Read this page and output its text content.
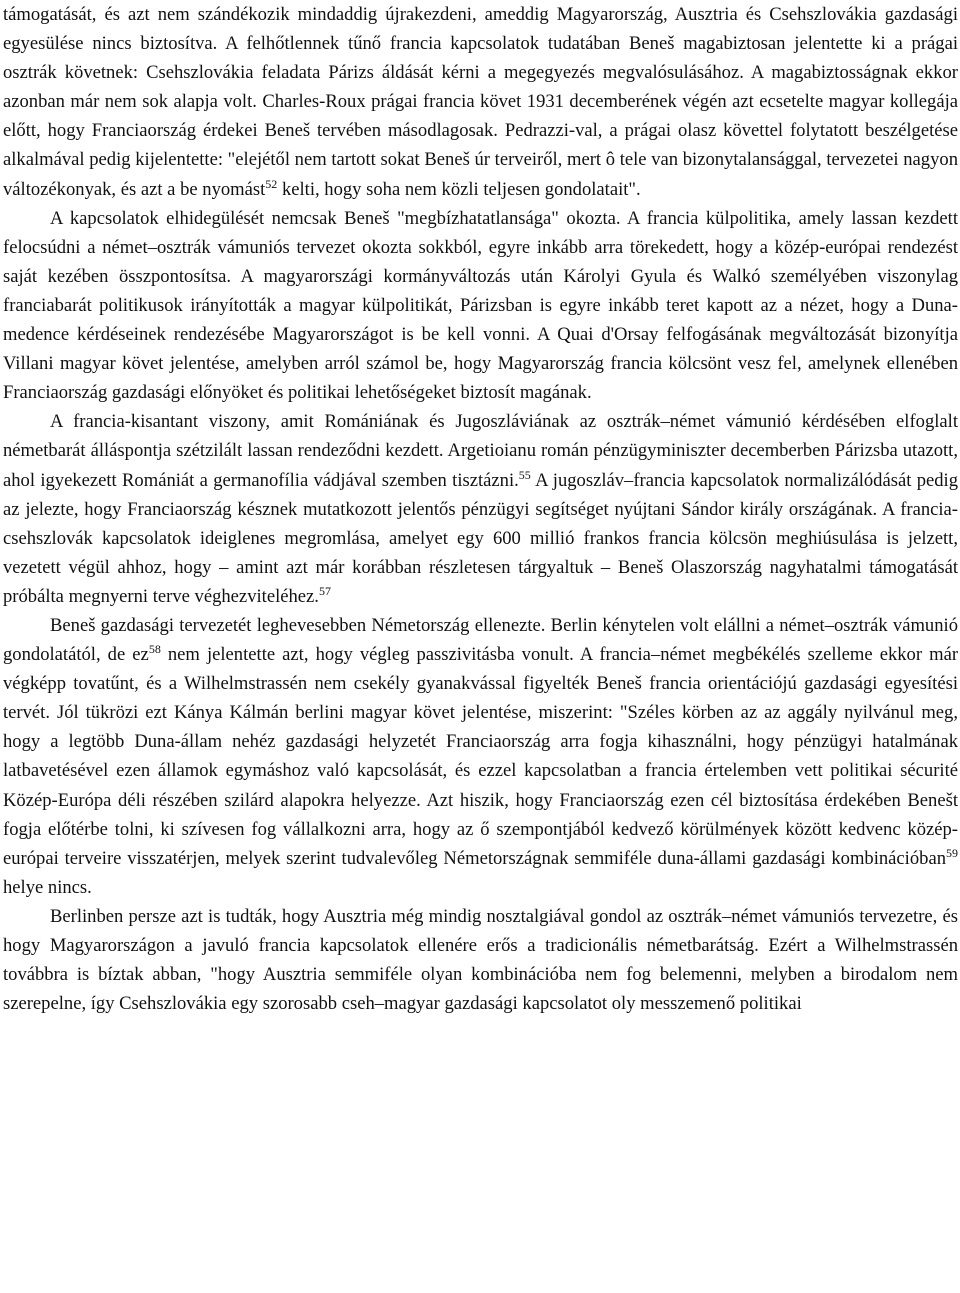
támogatását, és azt nem szándékozik mindaddig újrakezdeni, ameddig Magyarország, Ausztria és Csehszlovákia gazdasági egyesülése nincs biztosítva. A felhőtlennek tűnő francia kapcsolatok tudatában Beneš magabiztosan jelentette ki a prágai osztrák követnek: Csehszlovákia feladata Párizs áldását kérni a megegyezés megvalósulásához. A magabiztosságnak ekkor azonban már nem sok alapja volt. Charles-Roux prágai francia követ 1931 decemberének végén azt ecsetelte magyar kollegája előtt, hogy Franciaország érdekei Beneš tervében másodlagosak. Pedrazzi-val, a prágai olasz követtel folytatott beszélgetése alkalmával pedig kijelentette: "elejétől nem tartott sokat Beneš úr terveiről, mert ô tele van bizonytalansággal, tervezetei nagyon változékonyak, és azt a be nyomást$^{52}$ kelti, hogy soha nem közli teljesen gondolatait".

A kapcsolatok elhidegülését nemcsak Beneš "megbízhatatlansága" okozta. A francia külpolitika, amely lassan kezdett felocsúdni a német–osztrák vámuniós tervezet okozta sokkból, egyre inkább arra törekedett, hogy a közép-európai rendezést saját kezében összpontosítsa. A magyarországi kormányváltozás után Károlyi Gyula és Walkó személyében viszonylag franciabarát politikusok irányították a magyar külpolitikát, Párizsban is egyre inkább teret kapott az a nézet, hogy a Duna-medence kérdéseinek rendezésébe Magyarországot is be kell vonni. A Quai d'Orsay felfogásának megváltozását bizonyítja Villani magyar követ jelentése, amelyben arról számol be, hogy Magyarország francia kölcsönt vesz fel, amelynek ellenében Franciaország gazdasági előnyöket és politikai lehetőségeket biztosít magának.

A francia-kisantant viszony, amit Romániának és Jugoszláviának az osztrák–német vámunió kérdésében elfoglalt németbarát álláspontja szétzilált lassan rendeződni kezdett. Argetioianu román pénzügyminiszter decemberben Párizsba utazott, ahol igyekezett Romániát a germanofília vádjával szemben tisztázni.$^{55}$ A jugoszláv–francia kapcsolatok normalizálódását pedig az jelezte, hogy Franciaország késznek mutatkozott jelentős pénzügyi segítséget nyújtani Sándor király országának. A francia-csehszlovák kapcsolatok ideiglenes megromlása, amelyet egy 600 millió frankos francia kölcsön meghiúsulása is jelzett, vezetett végül ahhoz, hogy – amint azt már korábban részletesen tárgyaltuk – Beneš Olaszország nagyhatalmi támogatását próbálta megnyerni terve véghezviteléhez.$^{57}$

Beneš gazdasági tervezetét leghevesebben Németország ellenezte. Berlin kénytelen volt elállni a német–osztrák vámunió gondolatától, de ez$^{58}$ nem jelentette azt, hogy végleg passzivitásba vonult. A francia–német megbékélés szelleme ekkor már végképp tovatűnt, és a Wilhelmstrassén nem csekély gyanakvással figyelték Beneš francia orientációjú gazdasági egyesítési tervét. Jól tükrözi ezt Kánya Kálmán berlini magyar követ jelentése, miszerint: "Széles körben az az aggály nyilvánul meg, hogy a legtöbb Duna-állam nehéz gazdasági helyzetét Franciaország arra fogja kihasználni, hogy pénzügyi hatalmának latbavetésével ezen államok egymáshoz való kapcsolását, és ezzel kapcsolatban a francia értelemben vett politikai sécurité Közép-Európa déli részében szilárd alapokra helyezze. Azt hiszik, hogy Franciaország ezen cél biztosítása érdekében Benešt fogja előtérbe tolni, ki szívesen fog vállalkozni arra, hogy az ő szempontjából kedvező körülmények között kedvenc közép-európai terveire visszatérjen, melyek szerint tudvalevőleg Németországnak semmiféle duna-állami gazdasági kombinációban$^{59}$ helye nincs.

Berlinben persze azt is tudták, hogy Ausztria még mindig nosztalgiával gondol az osztrák–német vámuniós tervezetre, és hogy Magyarországon a javuló francia kapcsolatok ellenére erős a tradicionális németbarátság. Ezért a Wilhelmstrassén továbbra is bíztak abban, "hogy Ausztria semmiféle olyan kombinációba nem fog belemenni, melyben a birodalom nem szerepelne, így Csehszlovákia egy szorosabb cseh–magyar gazdasági kapcsolatot oly messzemenő politikai
